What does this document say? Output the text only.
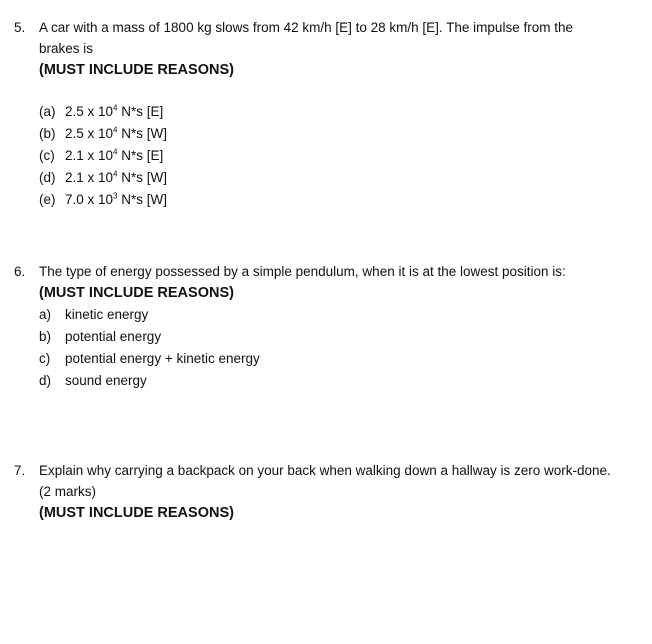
5. A car with a mass of 1800 kg slows from 42 km/h [E] to 28 km/h [E]. The impulse from the
brakes is

(MUST INCLUDE REASONS)
(a) 2.5 x $10^4$ N*s [E]
(b) 2.5 x $10^4$ N*s [W]
(c) 2.1 x $10^4$ N*s [E]
(d) 2.1 x $10^4$ N*s [W]
(e) 7.0 x $10^3$ N*s [W]
6. The type of energy possessed by a simple pendulum, when it is at the lowest position is:

(MUST INCLUDE REASONS)
a)	kinetic energy
b)	potential energy
c)	potential energy + kinetic energy
d)	sound energy
7. Explain why carrying a backpack on your back when walking down a hallway is zero work-done.
(2 marks)

(MUST INCLUDE REASONS)
